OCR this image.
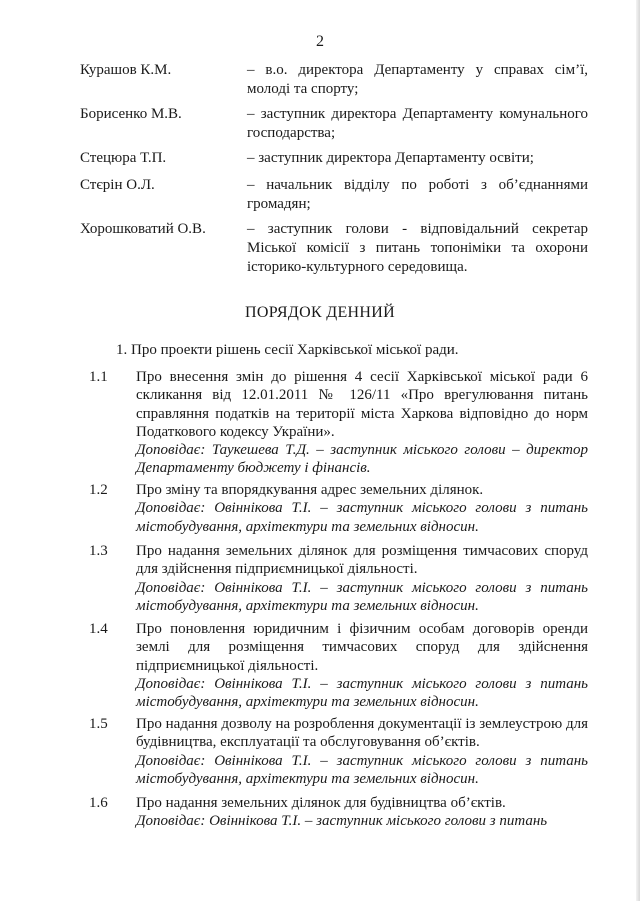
2
Курашов К.М.	– в.о. директора Департаменту у справах сім’ї, молоді та спорту;
Борисенко М.В.	– заступник директора Департаменту комунального господарства;
Стецюра Т.П.	– заступник директора Департаменту освіти;
Стєрін О.Л.	– начальник відділу по роботі з об’єднаннями громадян;
Хорошковатий О.В.	– заступник голови - відповідальний секретар Міської комісії з питань топоніміки та охорони історико-культурного середовища.
ПОРЯДОК ДЕННИЙ
1. Про проекти рішень сесії Харківської міської ради.
1.1 Про внесення змін до рішення 4 сесії Харківської міської ради 6 скликання від 12.01.2011 № 126/11 «Про врегулювання питань справляння податків на території міста Харкова відповідно до норм Податкового кодексу України».
Доповідає: Таукешева Т.Д. – заступник міського голови – директор Департаменту бюджету і фінансів.
1.2 Про зміну та впорядкування адрес земельних ділянок.
Доповідає: Овіннікова Т.І. – заступник міського голови з питань містобудування, архітектури та земельних відносин.
1.3 Про надання земельних ділянок для розміщення тимчасових споруд для здійснення підприємницької діяльності.
Доповідає: Овіннікова Т.І. – заступник міського голови з питань містобудування, архітектури та земельних відносин.
1.4 Про поновлення юридичним і фізичним особам договорів оренди землі для розміщення тимчасових споруд для здійснення підприємницької діяльності.
Доповідає: Овіннікова Т.І. – заступник міського голови з питань містобудування, архітектури та земельних відносин.
1.5 Про надання дозволу на розроблення документації із землеустрою для будівництва, експлуатації та обслуговування об’єктів.
Доповідає: Овіннікова Т.І. – заступник міського голови з питань містобудування, архітектури та земельних відносин.
1.6 Про надання земельних ділянок для будівництва об’єктів.
Доповідає: Овіннікова Т.І. – заступник міського голови з питань
